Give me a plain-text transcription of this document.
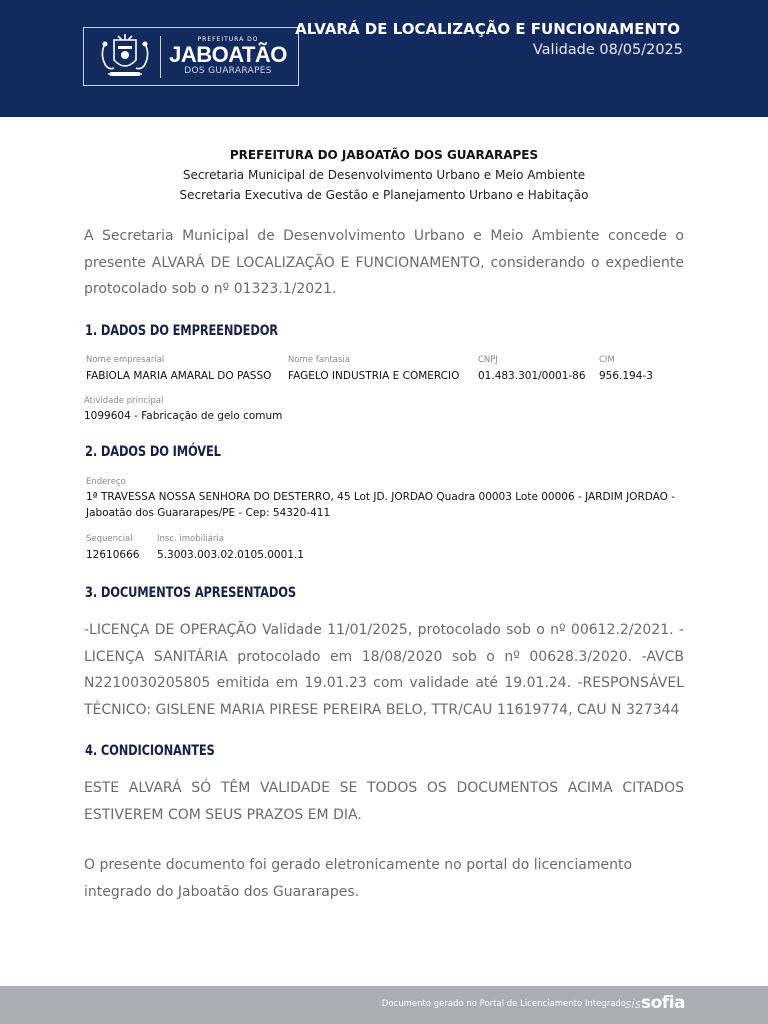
PREFEITURA DO
JABOATÃO
DOS GUARARAPES
ALVARÁ DE LOCALIZAÇÃO E FUNCIONAMENTO
Validade 08/05/2025
PREFEITURA DO JABOATÃO DOS GUARARAPES
Secretaria Municipal de Desenvolvimento Urbano e Meio Ambiente
Secretaria Executiva de Gestão e Planejamento Urbano e Habitação
A Secretaria Municipal de Desenvolvimento Urbano e Meio Ambiente concede o
presente ALVARÁ DE LOCALIZAÇÃO E FUNCIONAMENTO, considerando o expediente
protocolado sob o nº 01323.1/2021.
1. DADOS DO EMPREENDEDOR
Nome empresarial
FABIOLA MARIA AMARAL DO PASSO
Nome fantasia
FAGELO INDUSTRIA E COMERCIO
CNPJ
01.483.301/0001-86
CIM
956.194-3
Atividade principal
1099604 - Fabricação de gelo comum
2. DADOS DO IMÓVEL
Endereço
1ª TRAVESSA NOSSA SENHORA DO DESTERRO, 45 Lot JD. JORDAO Quadra 00003 Lote 00006 - JARDIM JORDAO -
Jaboatão dos Guararapes/PE - Cep: 54320-411
Sequencial
12610666
Insc. imobiliária
5.3003.003.02.0105.0001.1
3. DOCUMENTOS APRESENTADOS
-LICENÇA DE OPERAÇÃO Validade 11/01/2025, protocolado sob o nº 00612.2/2021. -
LICENÇA SANITÁRIA protocolado em 18/08/2020 sob o nº 00628.3/2020. -AVCB
N2210030205805 emitida em 19.01.23 com validade até 19.01.24. -RESPONSÁVEL
TÉCNICO: GISLENE MARIA PIRESE PEREIRA BELO, TTR/CAU 11619774, CAU N 327344
4. CONDICIONANTES
ESTE ALVARÁ SÓ TÊM VALIDADE SE TODOS OS DOCUMENTOS ACIMA CITADOS
ESTIVEREM COM SEUS PRAZOS EM DIA.
O presente documento foi gerado eletronicamente no portal do licenciamento
integrado do Jaboatão dos Guararapes.
Documento gerado no Portal de Licenciamento Integrado sissofia
